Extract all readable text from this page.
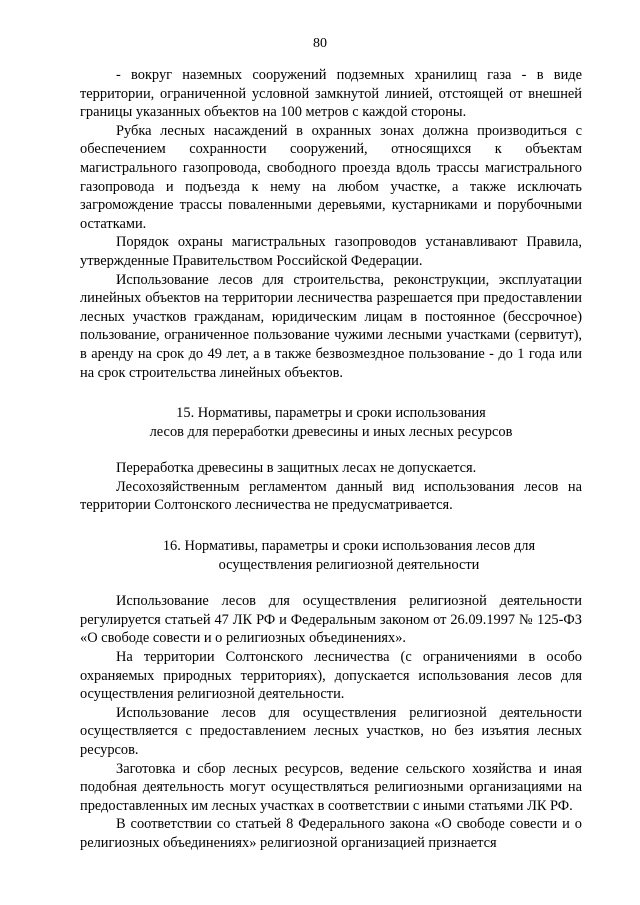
80

- вокруг наземных сооружений подземных хранилищ газа - в виде территории, ограниченной условной замкнутой линией, отстоящей от внешней границы указанных объектов на 100 метров с каждой стороны.

Рубка лесных насаждений в охранных зонах должна производиться с обеспечением сохранности сооружений, относящихся к объектам магистрального газопровода, свободного проезда вдоль трассы магистрального газопровода и подъезда к нему на любом участке, а также исключать загромождение трассы поваленными деревьями, кустарниками и порубочными остатками.

Порядок охраны магистральных газопроводов устанавливают Правила, утвержденные Правительством Российской Федерации.

Использование лесов для строительства, реконструкции, эксплуатации линейных объектов на территории лесничества разрешается при предоставлении лесных участков гражданам, юридическим лицам в постоянное (бессрочное) пользование, ограниченное пользование чужими лесными участками (сервитут), в аренду на срок до 49 лет, а в также безвозмездное пользование - до 1 года или на срок строительства линейных объектов.

15. Нормативы, параметры и сроки использования
лесов для переработки древесины и иных лесных ресурсов

Переработка древесины в защитных лесах не допускается.

Лесохозяйственным регламентом данный вид использования лесов на территории Солтонского лесничества не предусматривается.

16. Нормативы, параметры и сроки использования лесов для
осуществления религиозной деятельности

Использование лесов для осуществления религиозной деятельности регулируется статьей 47 ЛК РФ и Федеральным законом от 26.09.1997 № 125-ФЗ «О свободе совести и о религиозных объединениях».

На территории Солтонского лесничества (с ограничениями в особо охраняемых природных территориях), допускается использования лесов для осуществления религиозной деятельности.

Использование лесов для осуществления религиозной деятельности осуществляется с предоставлением лесных участков, но без изъятия лесных ресурсов.

Заготовка и сбор лесных ресурсов, ведение сельского хозяйства и иная подобная деятельность могут осуществляться религиозными организациями на предоставленных им лесных участках в соответствии с иными статьями ЛК РФ.

В соответствии со статьей 8 Федерального закона «О свободе совести и о религиозных объединениях» религиозной организацией признается
